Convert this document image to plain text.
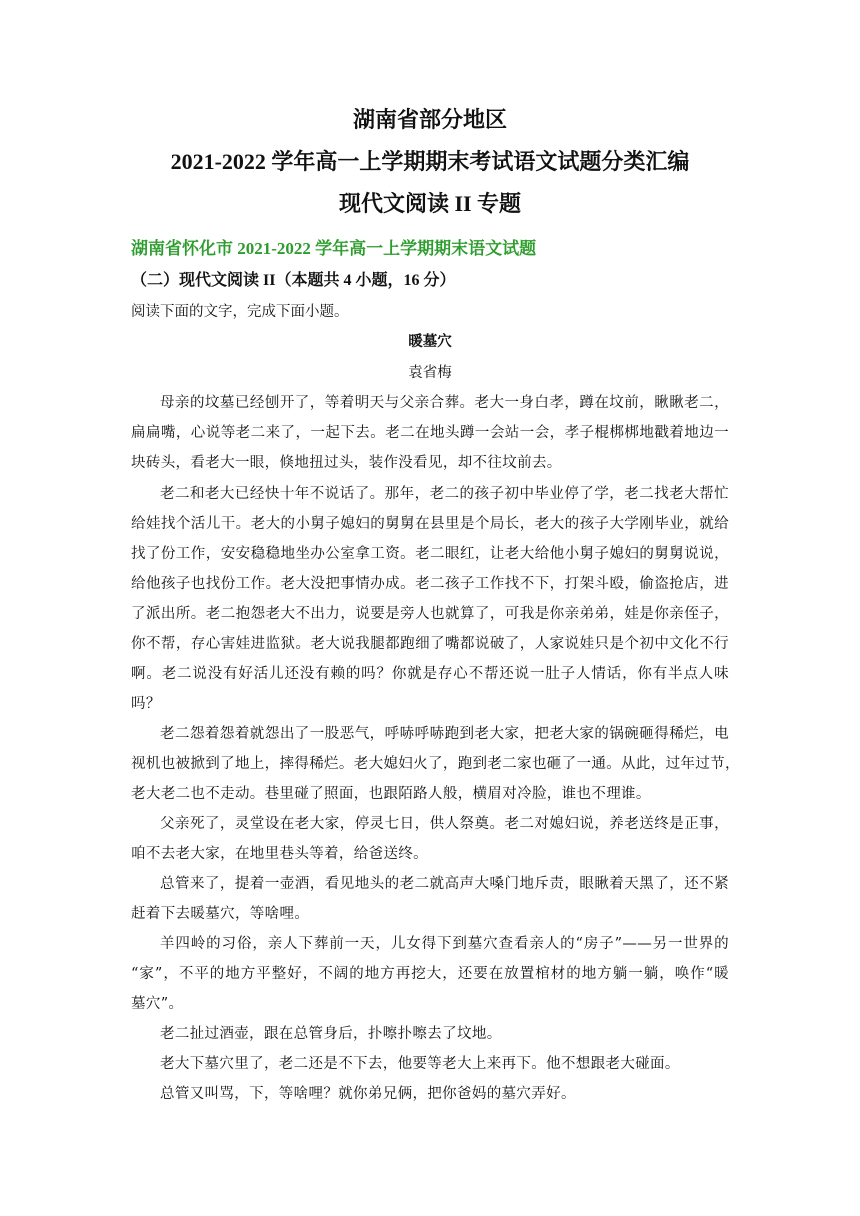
湖南省部分地区
2021-2022 学年高一上学期期末考试语文试题分类汇编
现代文阅读 II 专题
湖南省怀化市 2021-2022 学年高一上学期期末语文试题
（二）现代文阅读 II（本题共 4 小题，16 分）
阅读下面的文字，完成下面小题。
暖墓穴
袁省梅
母亲的坟墓已经刨开了，等着明天与父亲合葬。老大一身白孝，蹲在坟前，瞅瞅老二，
扁扁嘴，心说等老二来了，一起下去。老二在地头蹲一会站一会，孝子棍梆梆地戳着地边一
块砖头，看老大一眼，倏地扭过头，装作没看见，却不往坟前去。
老二和老大已经快十年不说话了。那年，老二的孩子初中毕业停了学，老二找老大帮忙
给娃找个活儿干。老大的小舅子媳妇的舅舅在县里是个局长，老大的孩子大学刚毕业，就给
找了份工作，安安稳稳地坐办公室拿工资。老二眼红，让老大给他小舅子媳妇的舅舅说说，
给他孩子也找份工作。老大没把事情办成。老二孩子工作找不下，打架斗殴，偷盗抢店，进
了派出所。老二抱怨老大不出力，说要是旁人也就算了，可我是你亲弟弟，娃是你亲侄子，
你不帮，存心害娃进监狱。老大说我腿都跑细了嘴都说破了，人家说娃只是个初中文化不行
啊。老二说没有好活儿还没有赖的吗？你就是存心不帮还说一肚子人情话，你有半点人味
吗？
老二怨着怨着就怨出了一股恶气，呼哧呼哧跑到老大家，把老大家的锅碗砸得稀烂，电
视机也被掀到了地上，摔得稀烂。老大媳妇火了，跑到老二家也砸了一通。从此，过年过节，
老大老二也不走动。巷里碰了照面，也跟陌路人般，横眉对冷脸，谁也不理谁。
父亲死了，灵堂设在老大家，停灵七日，供人祭奠。老二对媳妇说，养老送终是正事，
咱不去老大家，在地里巷头等着，给爸送终。
总管来了，提着一壶酒，看见地头的老二就高声大嗓门地斥责，眼瞅着天黑了，还不紧
赶着下去暖墓穴，等啥哩。
羊四岭的习俗，亲人下葬前一天，儿女得下到墓穴查看亲人的“房子”——另一世界的
“家”，不平的地方平整好，不阔的地方再挖大，还要在放置棺材的地方躺一躺，唤作“暖
墓穴”。
老二扯过酒壶，跟在总管身后，扑嚓扑嚓去了坟地。
老大下墓穴里了，老二还是不下去，他要等老大上来再下。他不想跟老大碰面。
总管又叫骂，下，等啥哩？就你弟兄俩，把你爸妈的墓穴弄好。
